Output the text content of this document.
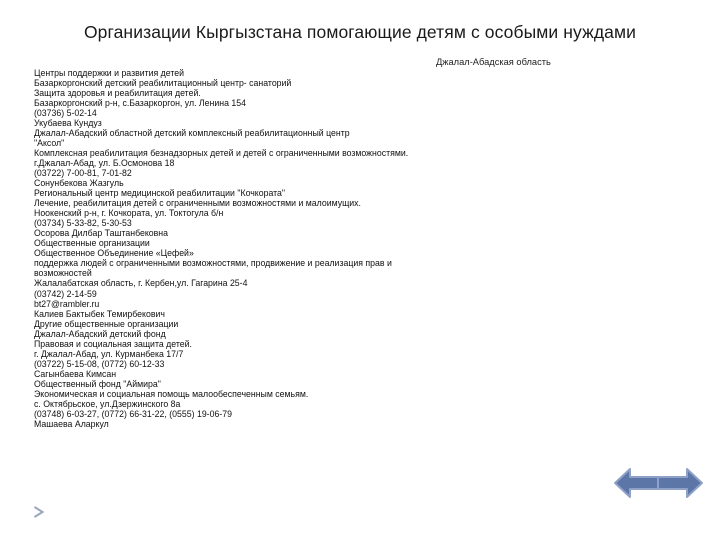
Организации Кыргызстана помогающие детям с особыми нуждами
Джалал-Абадская область
Центры поддержки и развития детей
Базаркоргонский детский реабилитационный центр- санаторий
Защита здоровья и реабилитация детей.
Базаркоргонский р-н, с.Базаркоргон, ул. Ленина 154
(03736) 5-02-14
Укубаева Кундуз
Джалал-Абадский областной детский комплексный реабилитационный центр
"Аксол"
Комплексная реабилитация безнадзорных детей и детей с ограниченными возможностями.
г.Джалал-Абад, ул. Б.Осмонова 18
(03722) 7-00-81, 7-01-82
Сонунбекова Жазгуль
Региональный центр медицинской реабилитации "Кочкората"
Лечение, реабилитация детей с ограниченными возможностями и малоимущих.
Ноокенский р-н, г. Кочкората, ул. Токтогула б/н
(03734) 5-33-82, 5-30-53
Осорова Дилбар Таштанбековна
Общественные организации
Общественное Объединение «Цефей»
поддержка людей с ограниченными возможностями, продвижение и реализация прав и
возможностей
Жалалабатская область, г. Кербен,ул. Гагарина 25-4
(03742) 2-14-59
bt27@rambler.ru
Калиев Бактыбек Темирбекович
Другие общественные организации
Джалал-Абадский детский фонд
Правовая и социальная защита детей.
г. Джалал-Абад, ул. Курманбека 17/7
(03722) 5-15-08, (0772) 60-12-33
Сагынбаева Кимсан
Общественный фонд "Аймира"
Экономическая и социальная помощь малообеспеченным семьям.
с. Октябрьское, ул.Дзержинского 8а
(03748) 6-03-27, (0772) 66-31-22, (0555) 19-06-79
Машаева Аларкул
